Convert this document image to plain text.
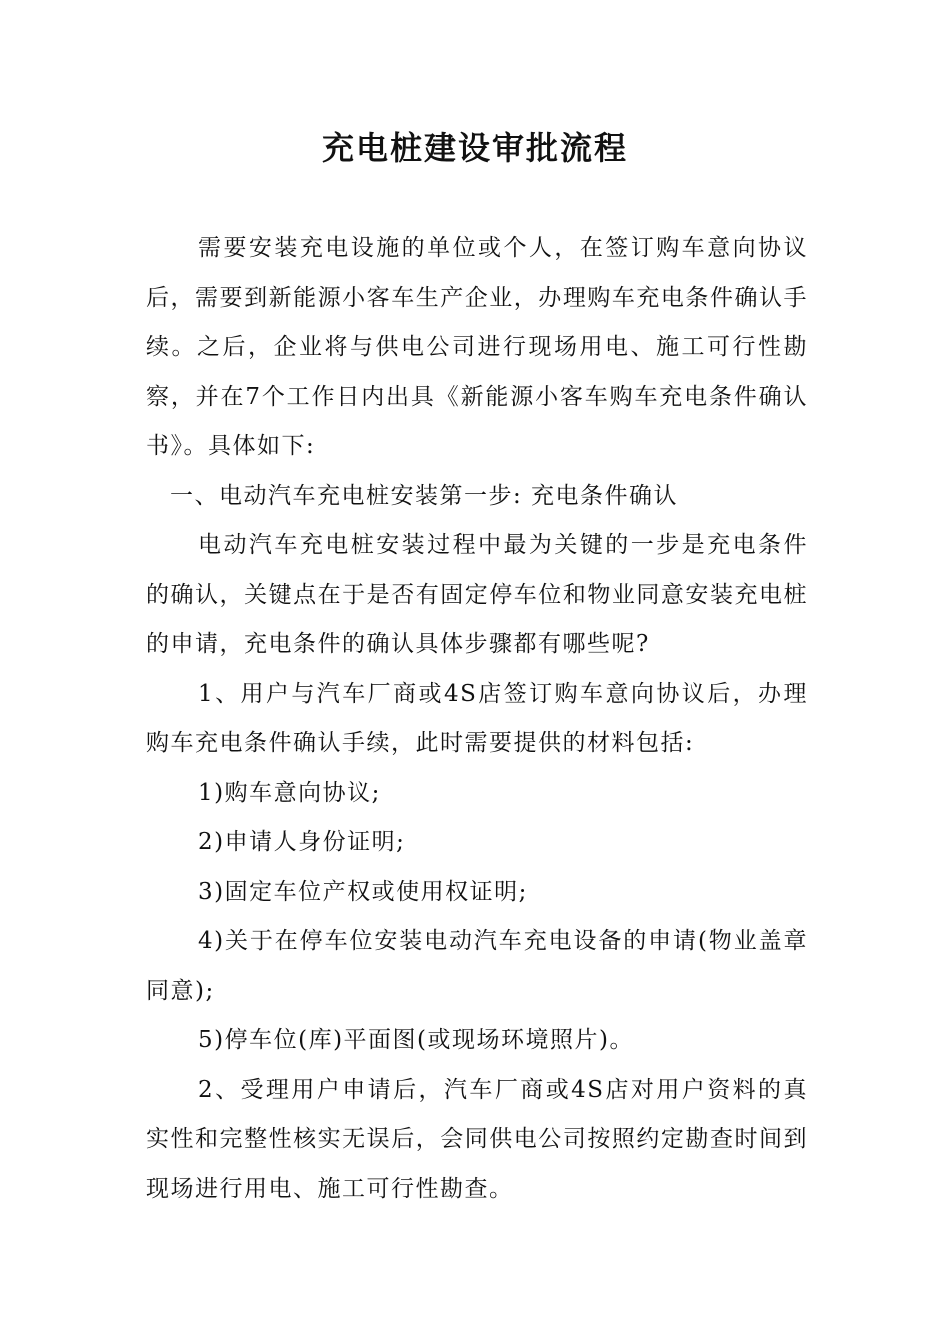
充电桩建设审批流程

需要安装充电设施的单位或个人，在签订购车意向协议后，需要到新能源小客车生产企业，办理购车充电条件确认手续。之后，企业将与供电公司进行现场用电、施工可行性勘察，并在7个工作日内出具《新能源小客车购车充电条件确认书》。具体如下:

一、电动汽车充电桩安装第一步: 充电条件确认

电动汽车充电桩安装过程中最为关键的一步是充电条件的确认，关键点在于是否有固定停车位和物业同意安装充电桩的申请，充电条件的确认具体步骤都有哪些呢?

1、用户与汽车厂商或4S店签订购车意向协议后，办理购车充电条件确认手续，此时需要提供的材料包括:

1)购车意向协议;

2)申请人身份证明;

3)固定车位产权或使用权证明;

4)关于在停车位安装电动汽车充电设备的申请(物业盖章同意);

5)停车位(库)平面图(或现场环境照片)。

2、受理用户申请后，汽车厂商或4S店对用户资料的真实性和完整性核实无误后，会同供电公司按照约定勘查时间到现场进行用电、施工可行性勘查。
